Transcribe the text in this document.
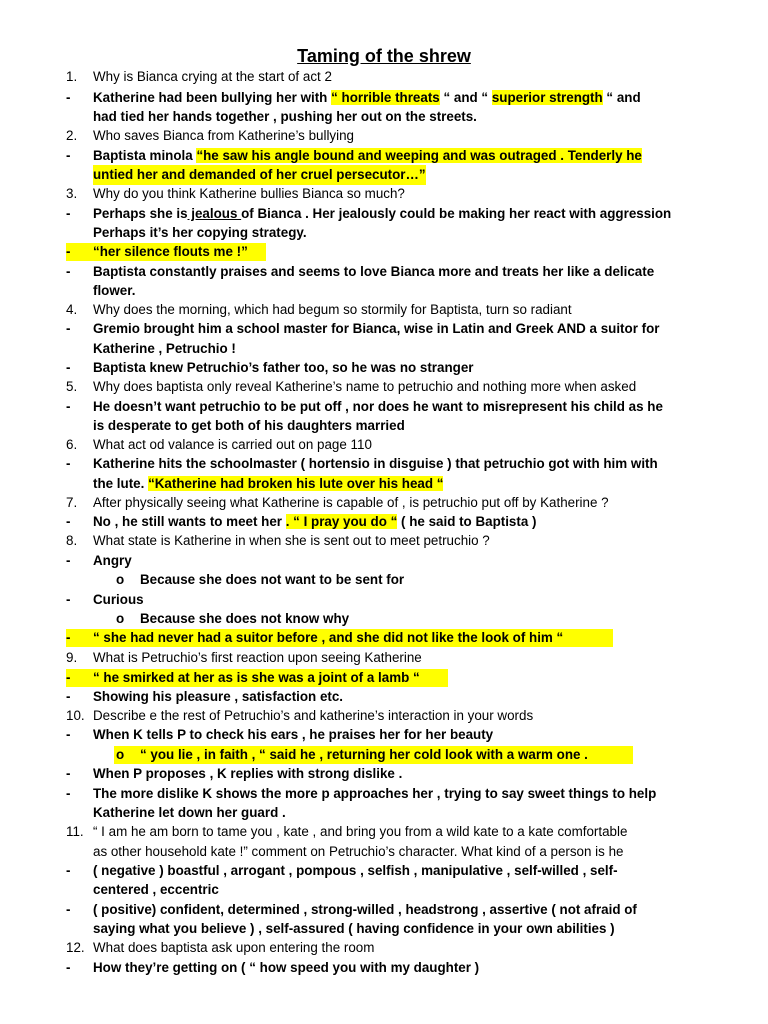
Taming of the shrew
1. Why is Bianca crying at the start of act 2
- Katherine had been bullying her with “ horrible threats “ and “ superior strength “ and
had tied her hands together , pushing her out on the streets.
2. Who saves Bianca from Katherine’s bullying
- Baptista minola “he saw his angle bound and weeping and was outraged . Tenderly he
untied her and demanded of her cruel persecutor…”
3. Why do you think Katherine bullies Bianca so much?
- Perhaps she is jealous of Bianca . Her jealously could be making her react with aggression
Perhaps it’s her copying strategy.
- “her silence flouts me !”
- Baptista constantly praises and seems to love Bianca more and treats her like a delicate
flower.
4. Why does the morning, which had begum so stormily for Baptista, turn so radiant
- Gremio brought him a school master for Bianca, wise in Latin and Greek AND a suitor for
Katherine , Petruchio !
- Baptista knew Petruchio’s father too, so he was no stranger
5. Why does baptista only reveal Katherine’s name to petruchio and nothing more when asked
- He doesn’t want petruchio to be put off , nor does he want to misrepresent his child as he
is desperate to get both of his daughters married
6. What act od valance is carried out on page 110
- Katherine hits the schoolmaster ( hortensio in disguise ) that petruchio got with him with
the lute. “Katherine had broken his lute over his head “
7. After physically seeing what Katherine is capable of , is petruchio put off by Katherine ?
- No , he still wants to meet her . “ I pray you do “ ( he said to Baptista )
8. What state is Katherine in when she is sent out to meet petruchio ?
- Angry
o Because she does not want to be sent for
- Curious
o Because she does not know why
- “ she had never had a suitor before , and she did not like the look of him “
9. What is Petruchio’s first reaction upon seeing Katherine
- “ he smirked at her as is she was a joint of a lamb “
- Showing his pleasure , satisfaction etc.
10. Describe e the rest of Petruchio’s and katherine’s interaction in your words
- When K tells P to check his ears , he praises her for her beauty
o “ you lie , in faith , “ said he , returning her cold look with a warm one .
- When P proposes , K replies with strong dislike .
- The more dislike K shows the more p approaches her , trying to say sweet things to help
Katherine let down her guard .
11. “ I am he am born to tame you , kate , and bring you from a wild kate to a kate comfortable
as other household kate !” comment on Petruchio’s character. What kind of a person is he
- ( negative ) boastful , arrogant , pompous , selfish , manipulative , self-willed , self-
centered , eccentric
- ( positive) confident, determined , strong-willed , headstrong , assertive ( not afraid of
saying what you believe ) , self-assured ( having confidence in your own abilities )
12. What does baptista ask upon entering the room
- How they’re getting on ( “ how speed you with my daughter )
